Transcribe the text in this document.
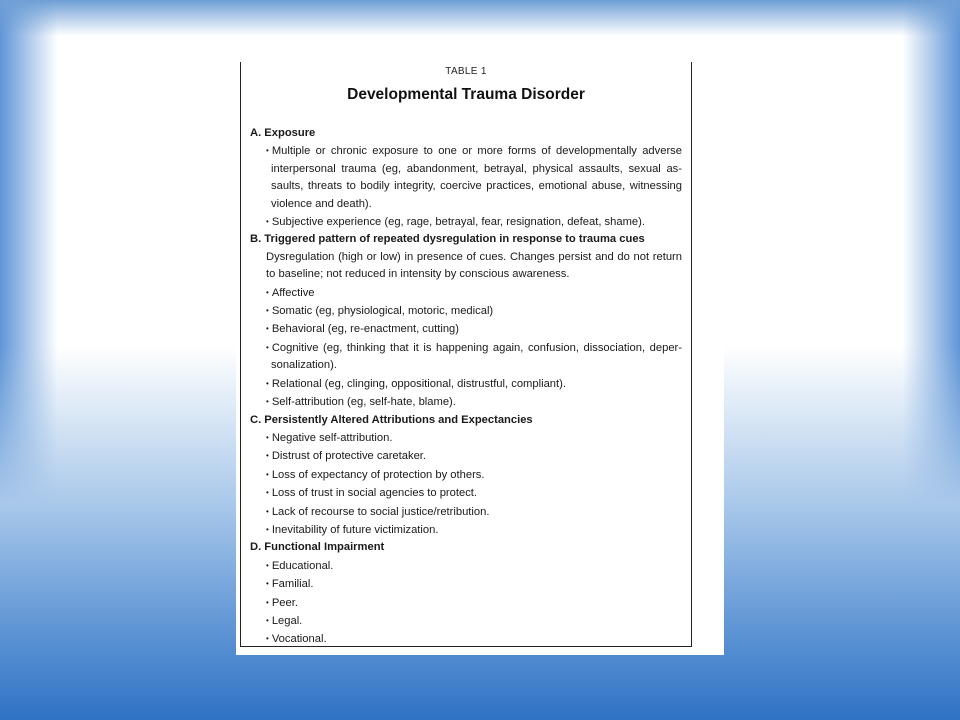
TABLE 1
Developmental Trauma Disorder
A. Exposure
• Multiple or chronic exposure to one or more forms of developmentally adverse interpersonal trauma (eg, abandonment, betrayal, physical assaults, sexual as-saults, threats to bodily integrity, coercive practices, emotional abuse, witnessing violence and death).
• Subjective experience (eg, rage, betrayal, fear, resignation, defeat, shame).
B. Triggered pattern of repeated dysregulation in response to trauma cues
Dysregulation (high or low) in presence of cues. Changes persist and do not return to baseline; not reduced in intensity by conscious awareness.
• Affective
• Somatic (eg, physiological, motoric, medical)
• Behavioral (eg, re-enactment, cutting)
• Cognitive (eg, thinking that it is happening again, confusion, dissociation, deper-sonalization).
• Relational (eg, clinging, oppositional, distrustful, compliant).
• Self-attribution (eg, self-hate, blame).
C. Persistently Altered Attributions and Expectancies
• Negative self-attribution.
• Distrust of protective caretaker.
• Loss of expectancy of protection by others.
• Loss of trust in social agencies to protect.
• Lack of recourse to social justice/retribution.
• Inevitability of future victimization.
D. Functional Impairment
• Educational.
• Familial.
• Peer.
• Legal.
• Vocational.
